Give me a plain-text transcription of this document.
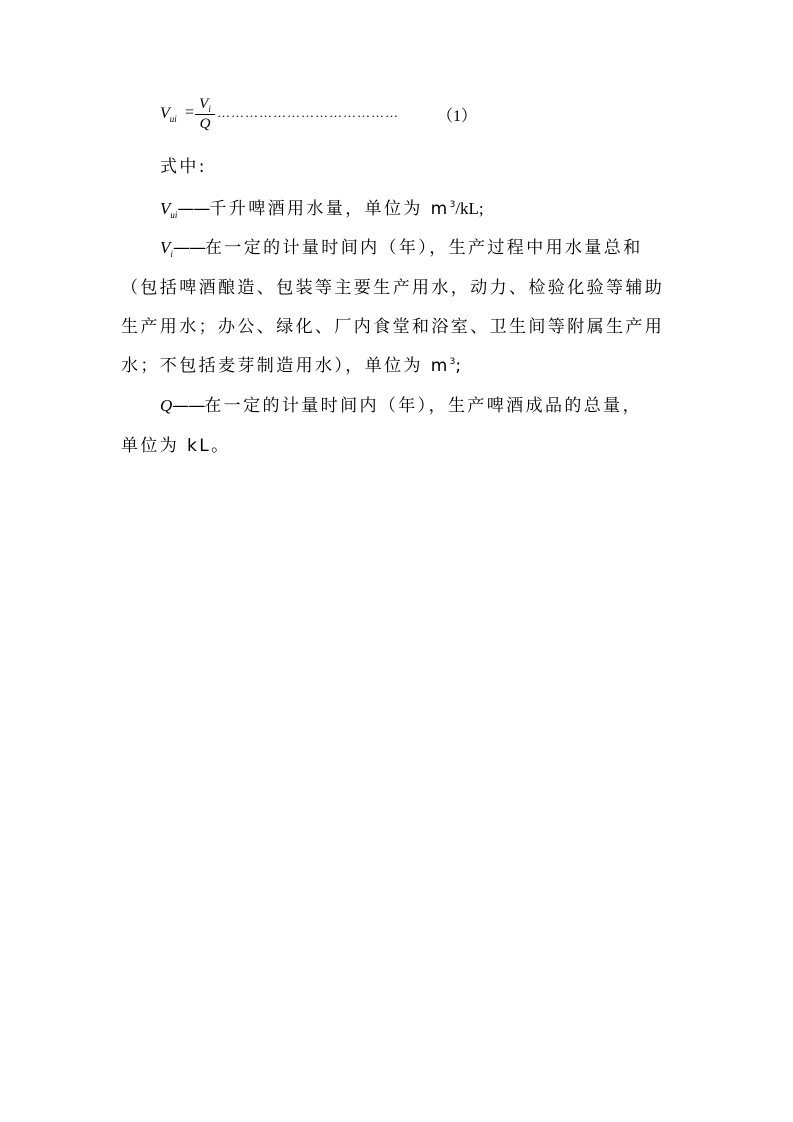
$V_{ui} = V_i$
Q
………………………………… （1）
式中:
$V_{ui}——$千升啤酒用水量，单位为 $m^3/kL$;
$V_i——$在一定的计量时间内（年），生产过程中用水量总和
（包括啤酒酿造、包装等主要生产用水，动力、检验化验等辅助
生产用水；办公、绿化、厂内食堂和浴室、卫生间等附属生产用
水；不包括麦芽制造用水），单位为 $m^3$;
Q——在一定的计量时间内（年），生产啤酒成品的总量，
单位为 kL。
